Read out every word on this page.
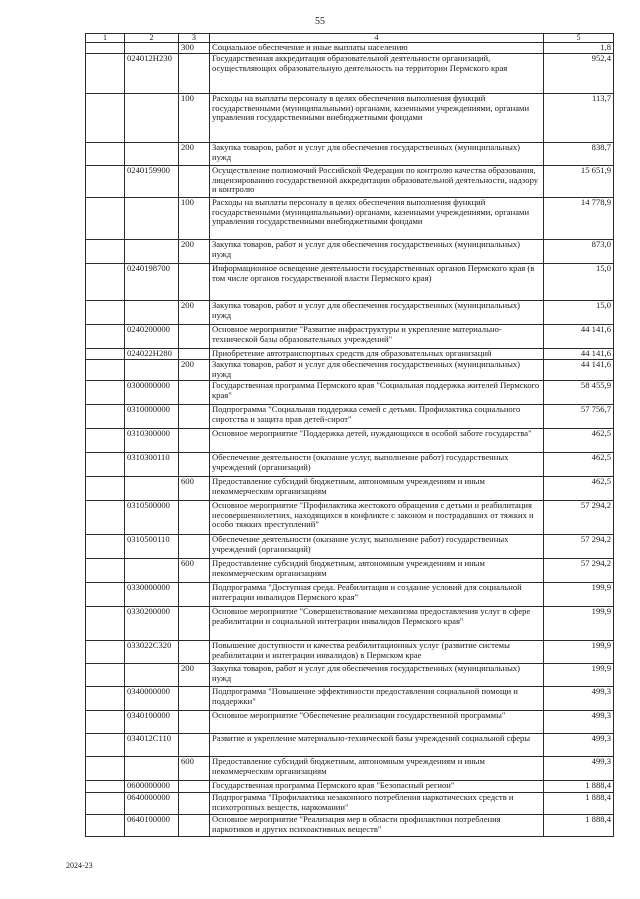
55
1	2	3	4	5
		300	Социальное обеспечение и иные выплаты населению	1,8
	024012Н230		Государственная аккредитация образовательной деятельности организаций, осуществляющих образовательную деятельность на территории Пермского края	952,4
		100	Расходы на выплаты персоналу в целях обеспечения выполнения функций государственными (муниципальными) органами, казенными учреждениями, органами управления государственными внебюджетными фондами	113,7
		200	Закупка товаров, работ и услуг для обеспечения государственных (муниципальных) нужд	838,7
	0240159900		Осуществление полномочий Российской Федерации по контролю качества образования, лицензированию государственной аккредитации образовательной деятельности, надзору и контролю	15 651,9
		100	Расходы на выплаты персоналу в целях обеспечения выполнения функций государственными (муниципальными) органами, казенными учреждениями, органами управления государственными внебюджетными фондами	14 778,9
		200	Закупка товаров, работ и услуг для обеспечения государственных (муниципальных) нужд	873,0
	0240198700		Информационное освещение деятельности государственных органов Пермского края (в том числе органов государственной власти Пермского края)	15,0
		200	Закупка товаров, работ и услуг для обеспечения государственных (муниципальных) нужд	15,0
	0240200000		Основное мероприятие "Развитие инфраструктуры и укрепление материально-технической базы образовательных учреждений"	44 141,6
	024022Н280		Приобретение автотранспортных средств для образовательных организаций	44 141,6
		200	Закупка товаров, работ и услуг для обеспечения государственных (муниципальных) нужд	44 141,6
	0300000000		Государственная программа Пермского края "Социальная поддержка жителей Пермского края"	58 455,9
	0310000000		Подпрограмма "Социальная поддержка семей с детьми. Профилактика социального сиротства и защита прав детей-сирот"	57 756,7
	0310300000		Основное мероприятие "Поддержка детей, нуждающихся в особой заботе государства"	462,5
	0310300110		Обеспечение деятельности (оказание услуг, выполнение работ) государственных учреждений (организаций)	462,5
		600	Предоставление субсидий бюджетным, автономным учреждениям и иным некоммерческим организациям	462,5
	0310500000		Основное мероприятие "Профилактика жестокого обращения с детьми и реабилитация несовершеннолетних, находящихся в конфликте с законом и пострадавших от тяжких и особо тяжких преступлений"	57 294,2
	0310500110		Обеспечение деятельности (оказание услуг, выполнение работ) государственных учреждений (организаций)	57 294,2
		600	Предоставление субсидий бюджетным, автономным учреждениям и иным некоммерческим организациям	57 294,2
	0330000000		Подпрограмма "Доступная среда. Реабилитация и создание условий для социальной интеграции инвалидов Пермского края"	199,9
	0330200000		Основное мероприятие "Совершенствование механизма предоставления услуг в сфере реабилитации и социальной интеграции инвалидов Пермского края"	199,9
	033022С320		Повышение доступности и качества реабилитационных услуг (развитие системы реабилитации и интеграции инвалидов) в Пермском крае	199,9
		200	Закупка товаров, работ и услуг для обеспечения государственных (муниципальных) нужд	199,9
	0340000000		Подпрограмма "Повышение эффективности предоставления социальной помощи и поддержки"	499,3
	0340100000		Основное мероприятие "Обеспечение реализации государственной программы"	499,3
	034012С110		Развитие и укрепление материально-технической базы учреждений социальной сферы	499,3
		600	Предоставление субсидий бюджетным, автономным учреждениям и иным некоммерческим организациям	499,3
	0600000000		Государственная программа Пермского края "Безопасный регион"	1 888,4
	0640000000		Подпрограмма "Профилактика незаконного потребления наркотических средств и психотропных веществ, наркомании"	1 888,4
	0640100000		Основное мероприятие "Реализация мер в области профилактики потребления наркотиков и других психоактивных веществ"	1 888,4
2024-23
